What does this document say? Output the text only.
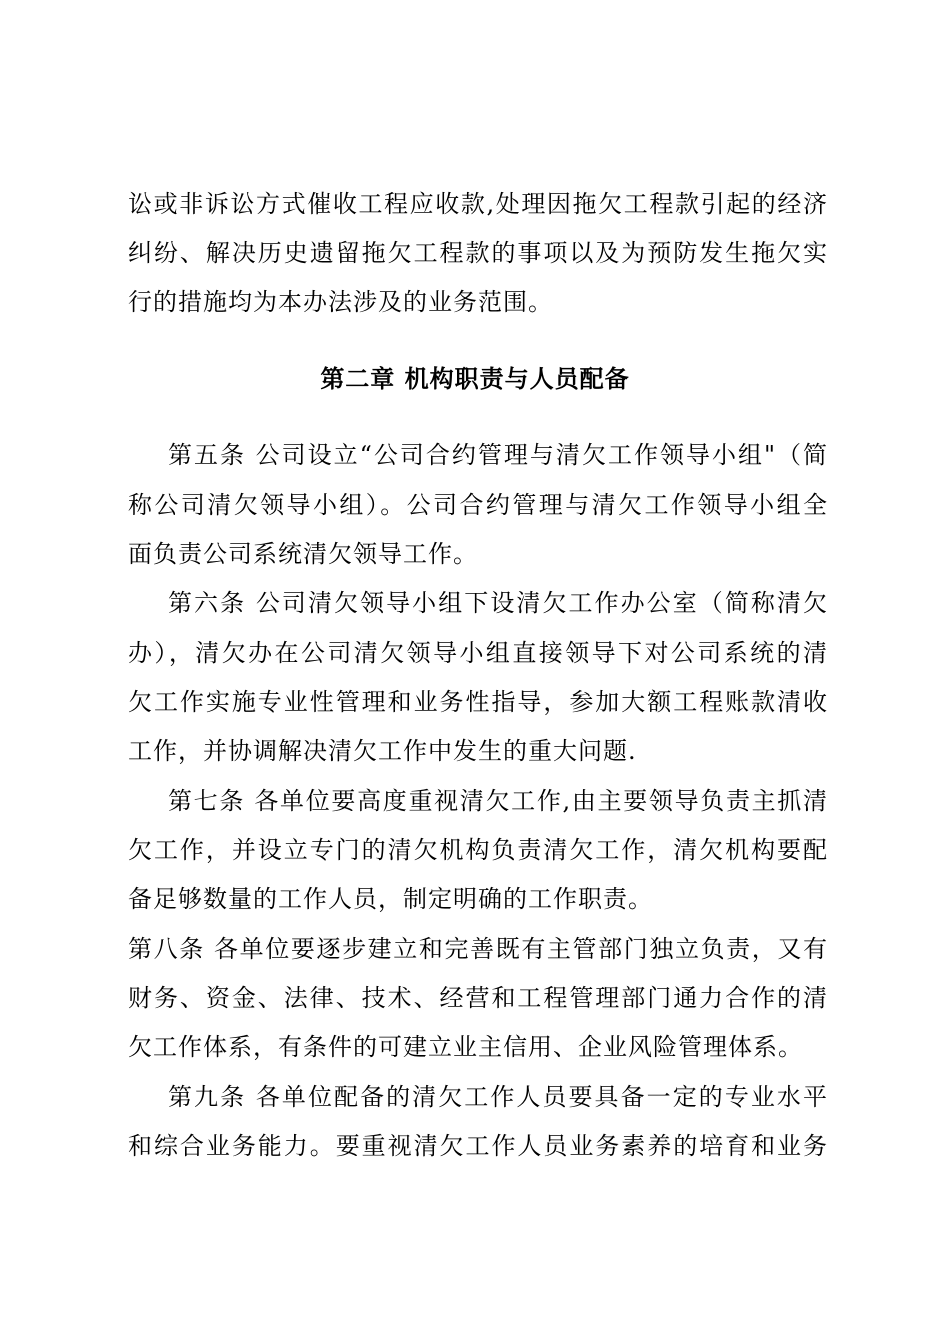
讼或非诉讼方式催收工程应收款,处理因拖欠工程款引起的经济
纠纷、解决历史遗留拖欠工程款的事项以及为预防发生拖欠实
行的措施均为本办法涉及的业务范围。
第二章 机构职责与人员配备
第五条 公司设立“公司合约管理与清欠工作领导小组"（简
称公司清欠领导小组）。公司合约管理与清欠工作领导小组全
面负责公司系统清欠领导工作。
第六条 公司清欠领导小组下设清欠工作办公室（简称清欠
办），清欠办在公司清欠领导小组直接领导下对公司系统的清
欠工作实施专业性管理和业务性指导，参加大额工程账款清收
工作，并协调解决清欠工作中发生的重大问题.
第七条 各单位要高度重视清欠工作,由主要领导负责主抓清
欠工作，并设立专门的清欠机构负责清欠工作，清欠机构要配
备足够数量的工作人员，制定明确的工作职责。
第八条 各单位要逐步建立和完善既有主管部门独立负责，又有
财务、资金、法律、技术、经营和工程管理部门通力合作的清
欠工作体系，有条件的可建立业主信用、企业风险管理体系。
第九条 各单位配备的清欠工作人员要具备一定的专业水平
和综合业务能力。要重视清欠工作人员业务素养的培育和业务
